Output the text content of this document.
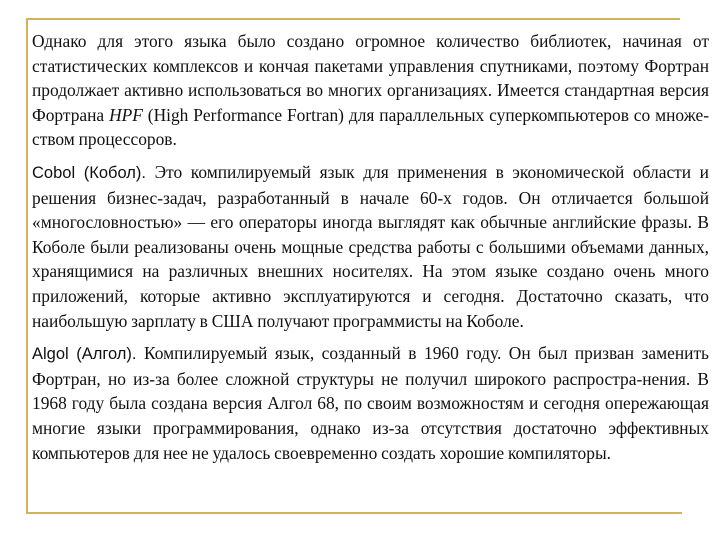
Однако для этого языка было создано огромное количество библиотек, начиная от статистических комплексов и кончая пакетами управления спутниками, поэтому Фортран продолжает активно использоваться во многих организациях. Имеется стандартная версия Фортрана HPF (High Performance Fortran) для параллельных суперкомпьютеров со множе-ством процессоров.

Cobol (Кобол). Это компилируемый язык для применения в экономической области и решения бизнес-задач, разработанный в начале 60-х годов. Он отличается большой «многословностью» — его операторы иногда выглядят как обычные английские фразы. В Коболе были реализованы очень мощные средства работы с большими объемами данных, хранящимися на различных внешних носителях. На этом языке создано очень много приложений, которые активно эксплуатируются и сегодня. Достаточно сказать, что наибольшую зарплату в США получают программисты на Коболе.

Algol (Алгол). Компилируемый язык, созданный в 1960 году. Он был призван заменить Фортран, но из-за более сложной структуры не получил широкого распростра-нения. В 1968 году была создана версия Алгол 68, по своим возможностям и сегодня опережающая многие языки программирования, однако из-за отсутствия достаточно эффективных компьютеров для нее не удалось своевременно создать хорошие компиляторы.
